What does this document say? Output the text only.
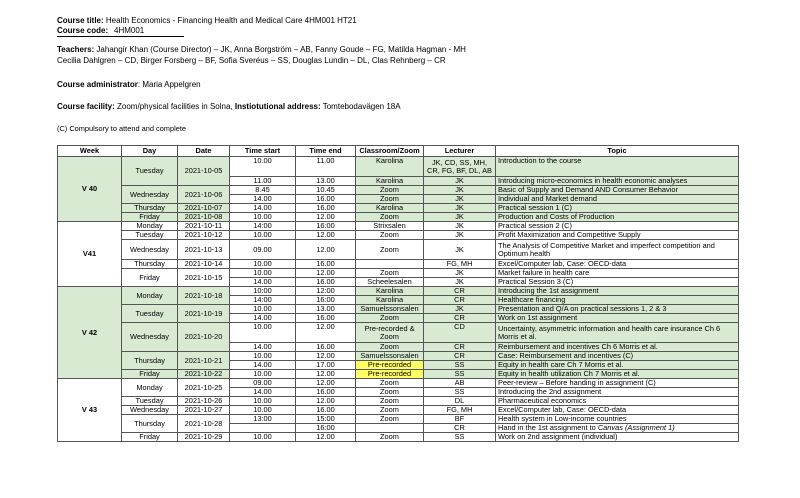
Course title: Health Economics - Financing Health and Medical Care 4HM001 HT21
Course code: 4HM001
Teachers: Jahangir Khan (Course Director) – JK, Anna Borgström – AB, Fanny Goude – FG, Matilda Hagman - MH
Cecilia Dahlgren – CD, Birger Forsberg – BF, Sofia Sveréus – SS, Douglas Lundin – DL, Clas Rehnberg – CR
Course administrator: Maria Appelgren
Course facility: Zoom/physical facilities in Solna, Instiotutional address: Tomtebodavägen 18A
(C) Compulsory to attend and complete
Week	Day	Date	Time start	Time end	Classroom/Zoom	Lecturer	Topic
V 40	Tuesday	2021-10-05	10.00	11.00	Karolina	JK, CD, SS, MH, CR, FG, BF, DL, AB	Introduction to the course
			11.00	13.00	Karolina	JK	Introducing micro-economics in health economic analyses
	Wednesday	2021-10-06	8.45	10.45	Zoom	JK	Basic of Supply and Demand AND Consumer Behavior
			14.00	16.00	Zoom	JK	Individual and Market demand
	Thursday	2021-10-07	14.00	16.00	Karolina	JK	Practical session 1 (C)
	Friday	2021-10-08	10.00	12.00	Zoom	JK	Production and Costs of Production
V41	Monday	2021-10-11	14:00	16:00	Strixsalen	JK	Practical session 2 (C)
	Tuesday	2021-10-12	10.00	12.00	Zoom	JK	Profit Maximization and Competitive Supply
	Wednesday	2021-10-13	09.00	12.00	Zoom	JK	The Analysis of Competitive Market and imperfect competition and Optimum health
	Thursday	2021-10-14	10.00	16.00		FG, MH	Excel/Computer lab, Case: OECD-data
	Friday	2021-10-15	10.00	12.00	Zoom	JK	Market failure in health care
			14.00	16.00	Scheelesalen	JK	Practical Session 3 (C)
V 42	Monday	2021-10-18	10:00	12:00	Karolina	CR	Introducing the 1st assignment
			14:00	16:00	Karolina	CR	Healthcare financing
	Tuesday	2021-10-19	10.00	13.00	Samuelssonsalen	JK	Presentation and Q/A on practical sessions 1, 2 & 3
			14.00	16.00	Zoom	CR	Work on 1st assignment
	Wednesday	2021-10-20	10.00	12.00	Pre-recorded & Zoom	CD	Uncertainty, asymmetric information and health care insurance Ch 6 Morris et al.
			14.00	16.00	Zoom	CR	Reimbursement and incentives Ch 6 Morris et al.
	Thursday	2021-10-21	10.00	12.00	Samuelssonsalen	CR	Case: Reimbursement and incentives (C)
			14.00	17.00	Pre-recorded	SS	Equity in health care Ch 7 Morris et al.
	Friday	2021-10-22	10.00	12.00	Pre-recorded	SS	Equity in health utilization Ch 7 Morris et al.
V 43	Monday	2021-10-25	09.00	12.00	Zoom	AB	Peer-review – Before handing in assignment (C)
			14.00	16.00	Zoom	SS	Introducing the 2nd assignment
	Tuesday	2021-10-26	10.00	12.00	Zoom	DL	Pharmaceutical economics
	Wednesday	2021-10-27	10.00	16.00	Zoom	FG, MH	Excel/Computer lab, Case: OECD-data
	Thursday	2021-10-28	13:00	15:00	Zoom	BF	Health system in Low-income countries
				16:00		CR	Hand in the 1st assignment to Canvas (Assignment 1)
	Friday	2021-10-29	10.00	12.00	Zoom	SS	Work on 2nd assignment (individual)
